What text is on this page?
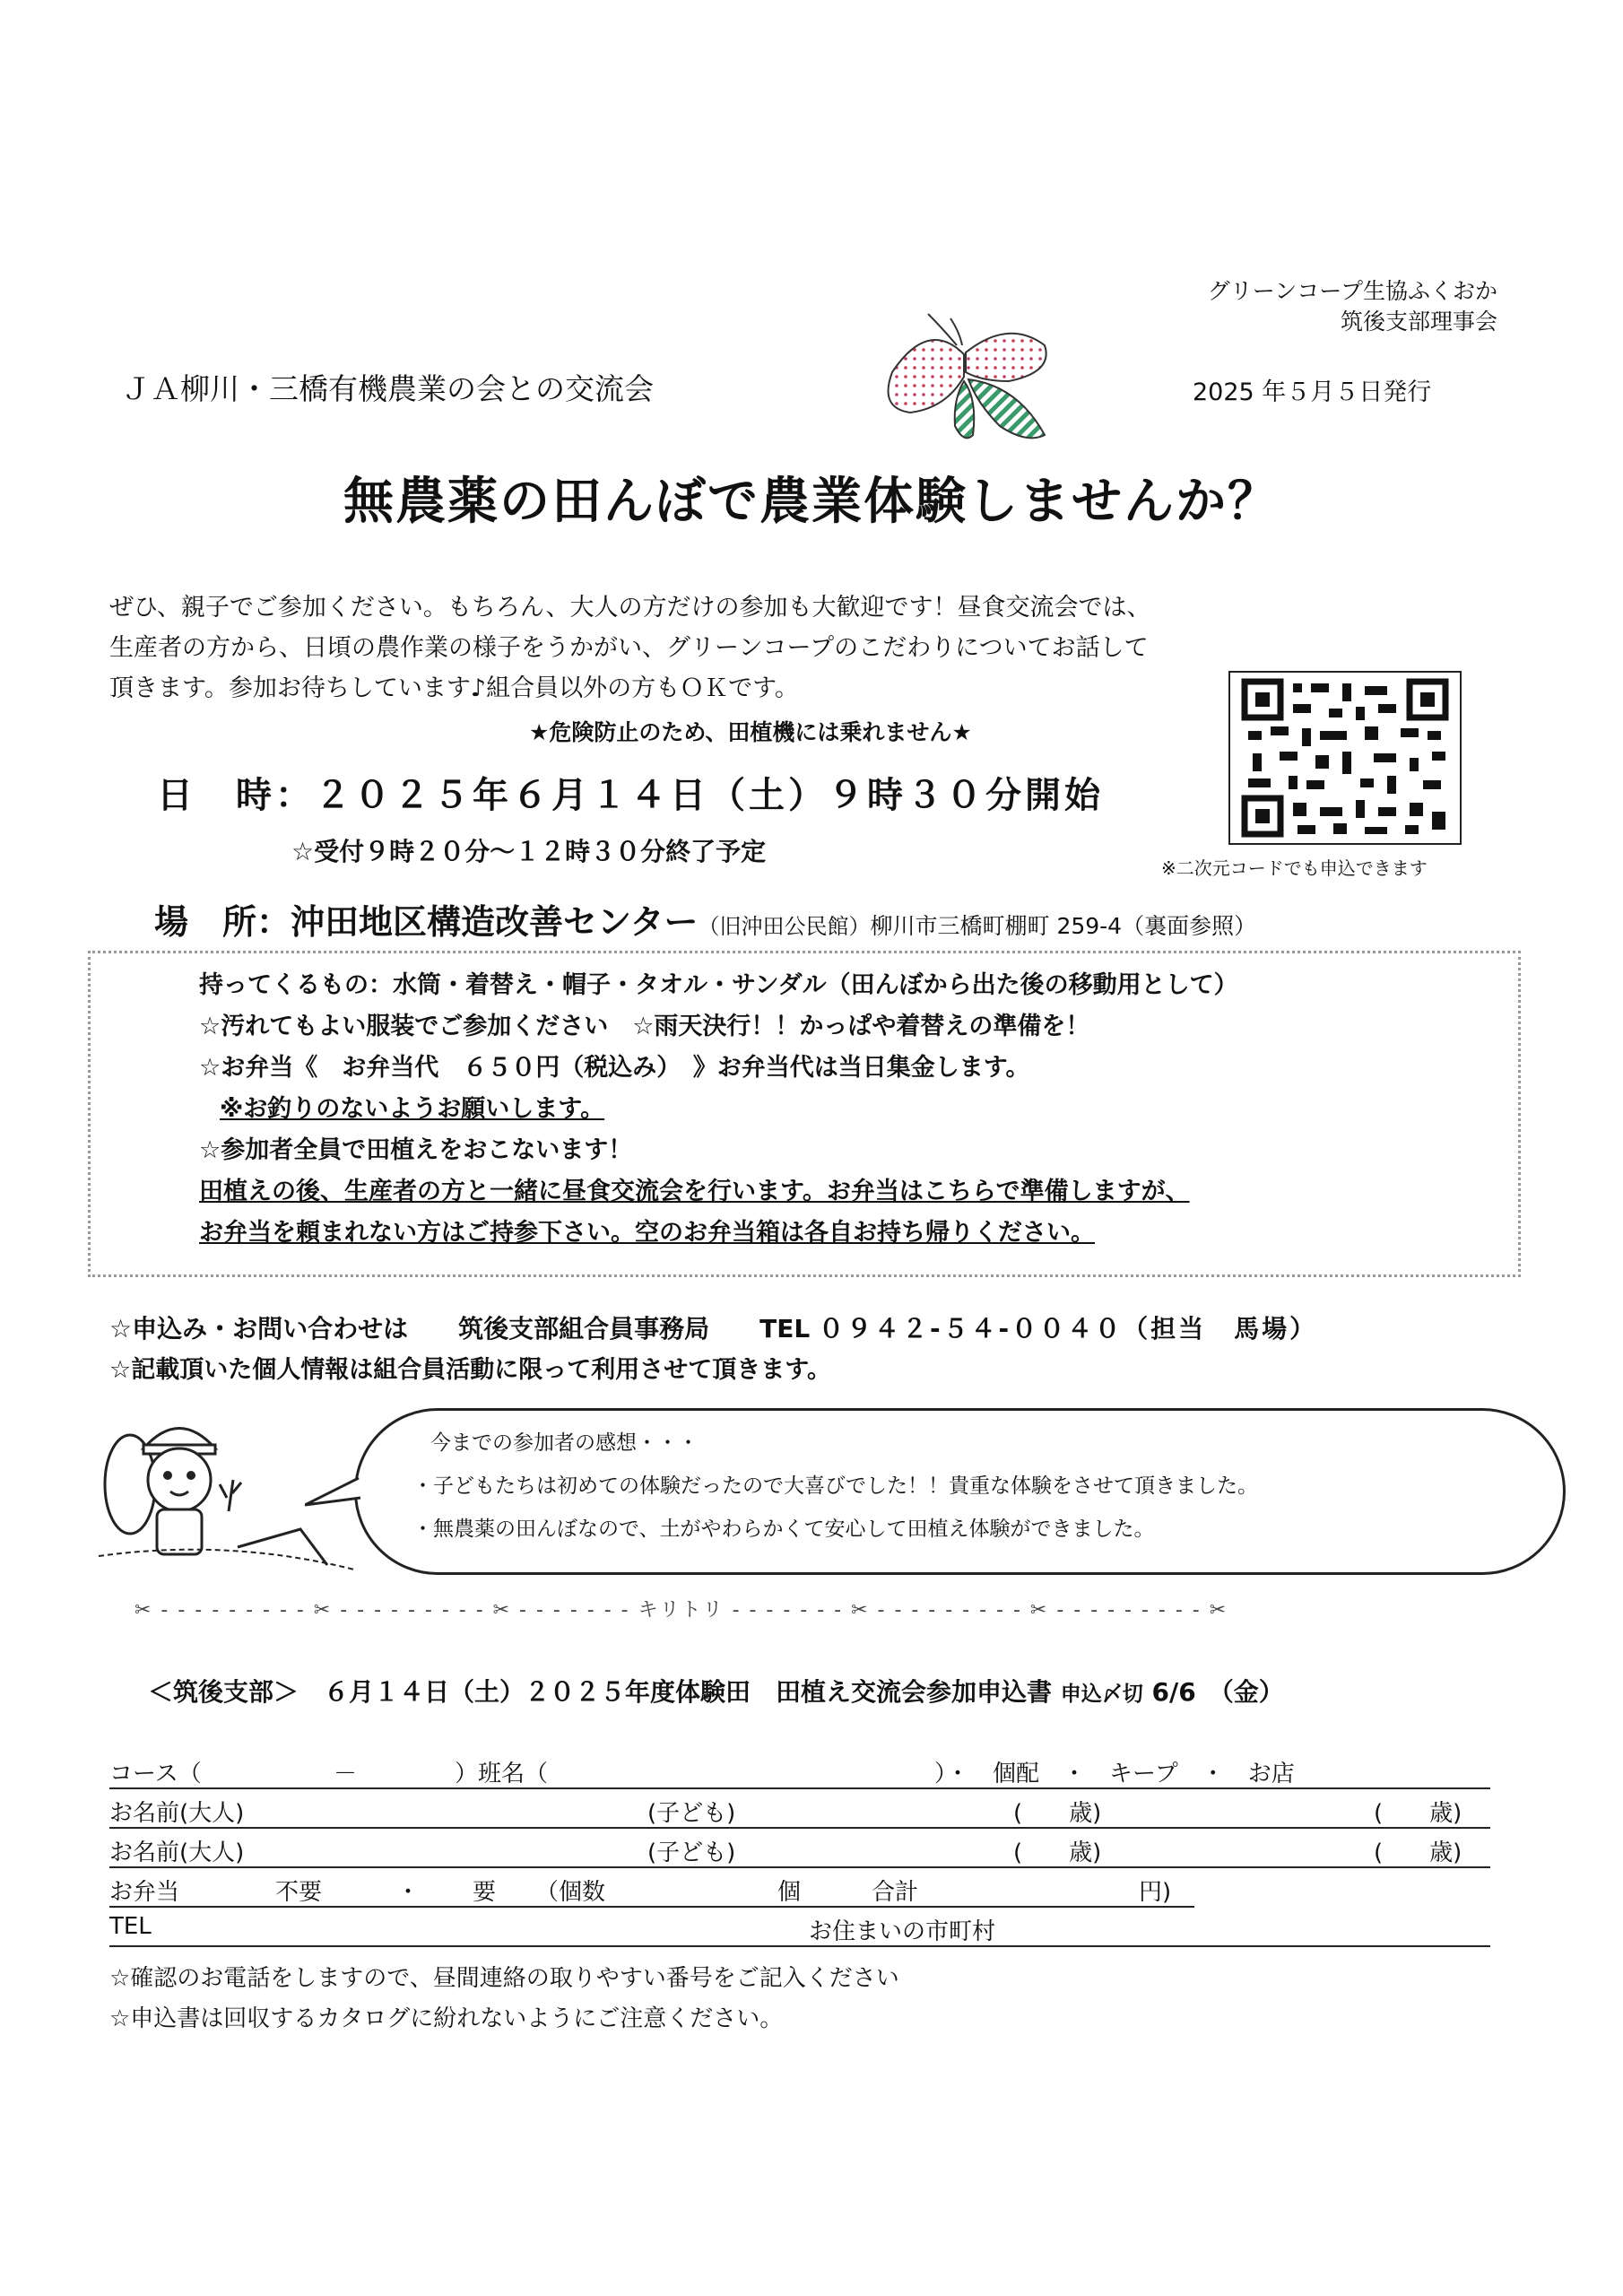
グリーンコープ生協ふくおか
筑後支部理事会
ＪＡ柳川・三橋有機農業の会との交流会	2025 年５月５日発行
無農薬の田んぼで農業体験しませんか？
ぜひ、親子でご参加ください。もちろん、大人の方だけの参加も大歓迎です！昼食交流会では、
生産者の方から、日頃の農作業の様子をうかがい、グリーンコープのこだわりについてお話して
頂きます。参加お待ちしています♪組合員以外の方もＯＫです。
★危険防止のため、田植機には乗れません★
※二次元コードでも申込できます
日　時：２０２５年６月１４日（土）９時３０分開始
☆受付９時２０分～１２時３０分終了予定
場　所：沖田地区構造改善センター（旧沖田公民館）柳川市三橋町棚町 259-4（裏面参照）
持ってくるもの：水筒・着替え・帽子・タオル・サンダル（田んぼから出た後の移動用として）
☆汚れてもよい服装でご参加ください　☆雨天決行！！かっぱや着替えの準備を！
☆お弁当《　お弁当代　６５０円（税込み）　》お弁当代は当日集金します。
※お釣りのないようお願いします。
☆参加者全員で田植えをおこないます！
田植えの後、生産者の方と一緒に昼食交流会を行います。お弁当はこちらで準備しますが、
お弁当を頼まれない方はご持参下さい。空のお弁当箱は各自お持ち帰りください。
☆申込み・お問い合わせは　　筑後支部組合員事務局　　TEL ０９４２-５４-００４０（担当　馬場）
☆記載頂いた個人情報は組合員活動に限って利用させて頂きます。
今までの参加者の感想・・・
・子どもたちは初めての体験だったので大喜びでした！！貴重な体験をさせて頂きました。
・無農薬の田んぼなので、土がやわらかくて安心して田植え体験ができました。
✂ - - - - - - - - - ✂ - - - - - - - - - ✂ - - - - - - - キリトリ - - - - - - - ✂ - - - - - - - - - ✂ - - - - - - - - - ✂
＜筑後支部＞　６月１４日（土）２０２５年度体験田　田植え交流会参加申込書 申込〆切 6/6　（金）
コース（	－	）班名（	）・　個配　・　キープ　・　お店
お名前(大人)	(子ども)	(　　歳)	(　　歳)
お名前(大人)	(子ども)	(　　歳)	(　　歳)
お弁当	不要	・ 要 （個数	個	合計	円)
TEL	お住まいの市町村
☆確認のお電話をしますので、昼間連絡の取りやすい番号をご記入ください
☆申込書は回収するカタログに紛れないようにご注意ください。
